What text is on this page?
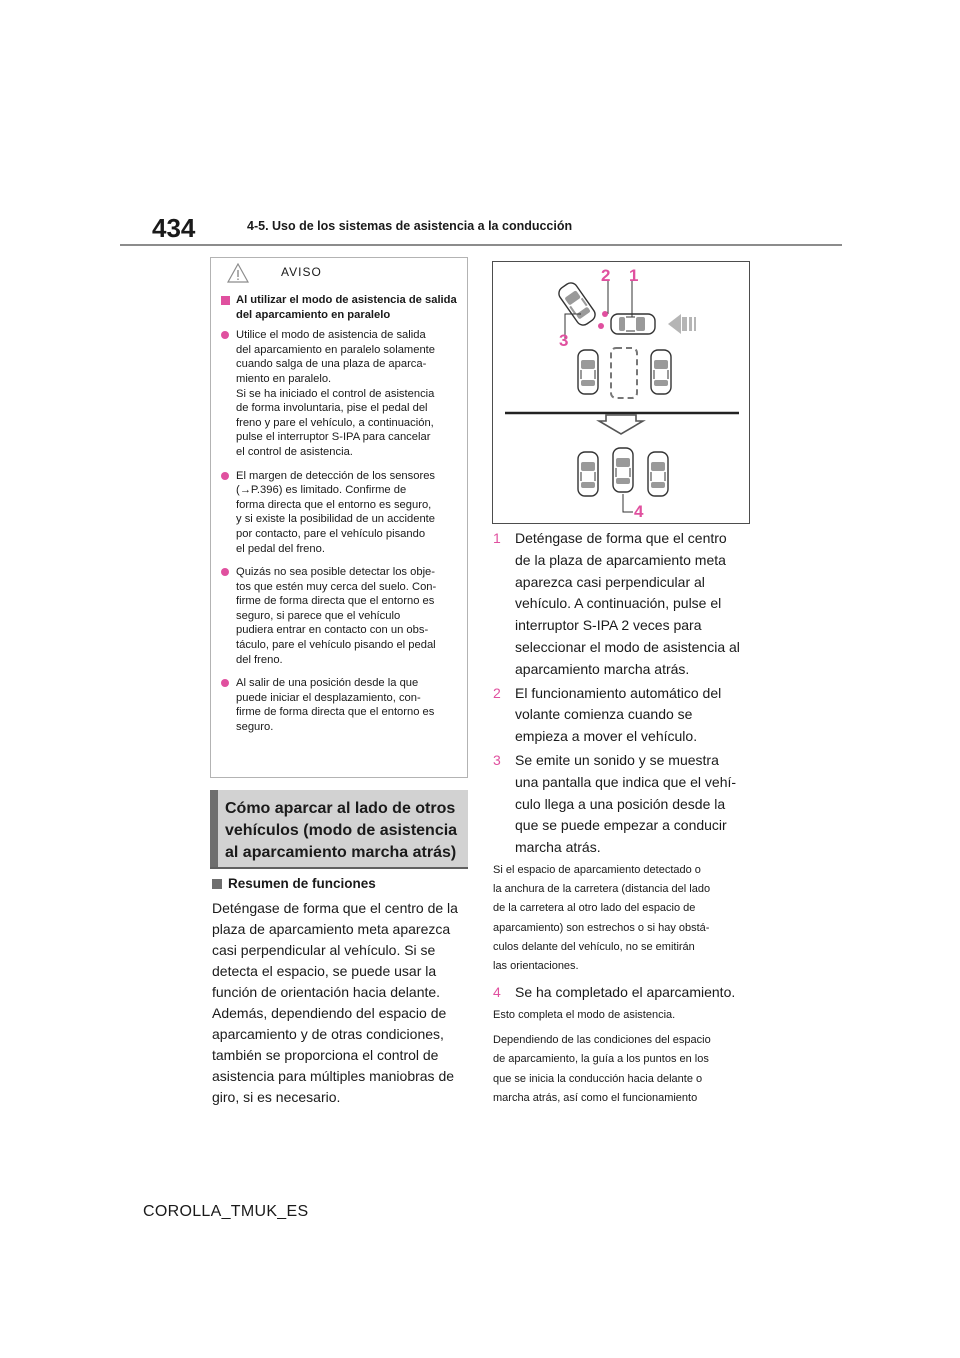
434	4-5. Uso de los sistemas de asistencia a la conducción
AVISO
Al utilizar el modo de asistencia de salida del aparcamiento en paralelo
Utilice el modo de asistencia de salida
del aparcamiento en paralelo solamente
cuando salga de una plaza de aparca-
miento en paralelo.
Si se ha iniciado el control de asistencia
de forma involuntaria, pise el pedal del
freno y pare el vehículo, a continuación,
pulse el interruptor S-IPA para cancelar
el control de asistencia.
El margen de detección de los sensores
(→P.396) es limitado. Confirme de
forma directa que el entorno es seguro,
y si existe la posibilidad de un accidente
por contacto, pare el vehículo pisando
el pedal del freno.
Quizás no sea posible detectar los obje-
tos que estén muy cerca del suelo. Con-
firme de forma directa que el entorno es
seguro, si parece que el vehículo
pudiera entrar en contacto con un obs-
táculo, pare el vehículo pisando el pedal
del freno.
Al salir de una posición desde la que
puede iniciar el desplazamiento, con-
firme de forma directa que el entorno es
seguro.
Cómo aparcar al lado de otros
vehículos (modo de asistencia
al aparcamiento marcha atrás)
Resumen de funciones
Deténgase de forma que el centro de la
plaza de aparcamiento meta aparezca
casi perpendicular al vehículo. Si se
detecta el espacio, se puede usar la
función de orientación hacia delante.
Además, dependiendo del espacio de
aparcamiento y de otras condiciones,
también se proporciona el control de
asistencia para múltiples maniobras de
giro, si es necesario.
1
2
3
4
1	Deténgase de forma que el centro
de la plaza de aparcamiento meta
aparezca casi perpendicular al
vehículo. A continuación, pulse el
interruptor S-IPA 2 veces para
seleccionar el modo de asistencia al
aparcamiento marcha atrás.
2	El funcionamiento automático del
volante comienza cuando se
empieza a mover el vehículo.
3	Se emite un sonido y se muestra
una pantalla que indica que el vehí-
culo llega a una posición desde la
que se puede empezar a conducir
marcha atrás.
Si el espacio de aparcamiento detectado o
la anchura de la carretera (distancia del lado
de la carretera al otro lado del espacio de
aparcamiento) son estrechos o si hay obstá-
culos delante del vehículo, no se emitirán
las orientaciones.
4	Se ha completado el aparcamiento.
Esto completa el modo de asistencia.
Dependiendo de las condiciones del espacio
de aparcamiento, la guía a los puntos en los
que se inicia la conducción hacia delante o
marcha atrás, así como el funcionamiento
COROLLA_TMUK_ES
